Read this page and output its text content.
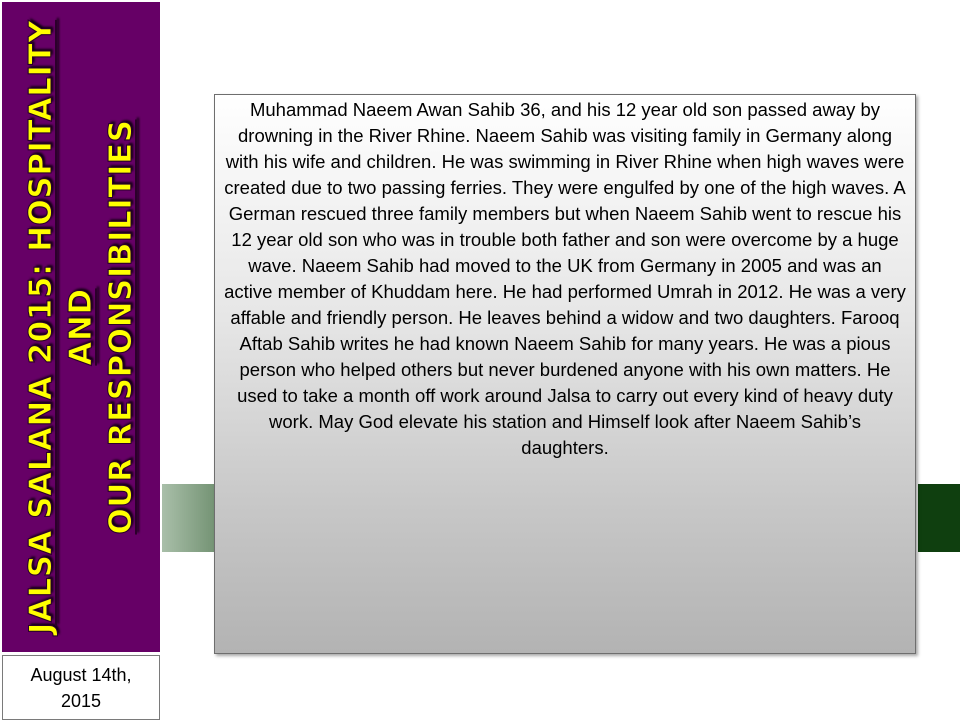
JALSA SALANA 2015: HOSPITALITY AND
OUR RESPONSIBILITIES
August 14th,
2015

Muhammad Naeem Awan Sahib 36, and his 12 year old son passed away by drowning in the River Rhine. Naeem Sahib was visiting family in Germany along with his wife and children. He was swimming in River Rhine when high waves were created due to two passing ferries. They were engulfed by one of the high waves. A German rescued three family members but when Naeem Sahib went to rescue his 12 year old son who was in trouble both father and son were overcome by a huge wave. Naeem Sahib had moved to the UK from Germany in 2005 and was an active member of Khuddam here. He had performed Umrah in 2012. He was a very affable and friendly person. He leaves behind a widow and two daughters. Farooq Aftab Sahib writes he had known Naeem Sahib for many years. He was a pious person who helped others but never burdened anyone with his own matters. He used to take a month off work around Jalsa to carry out every kind of heavy duty work. May God elevate his station and Himself look after Naeem Sahib’s daughters.
